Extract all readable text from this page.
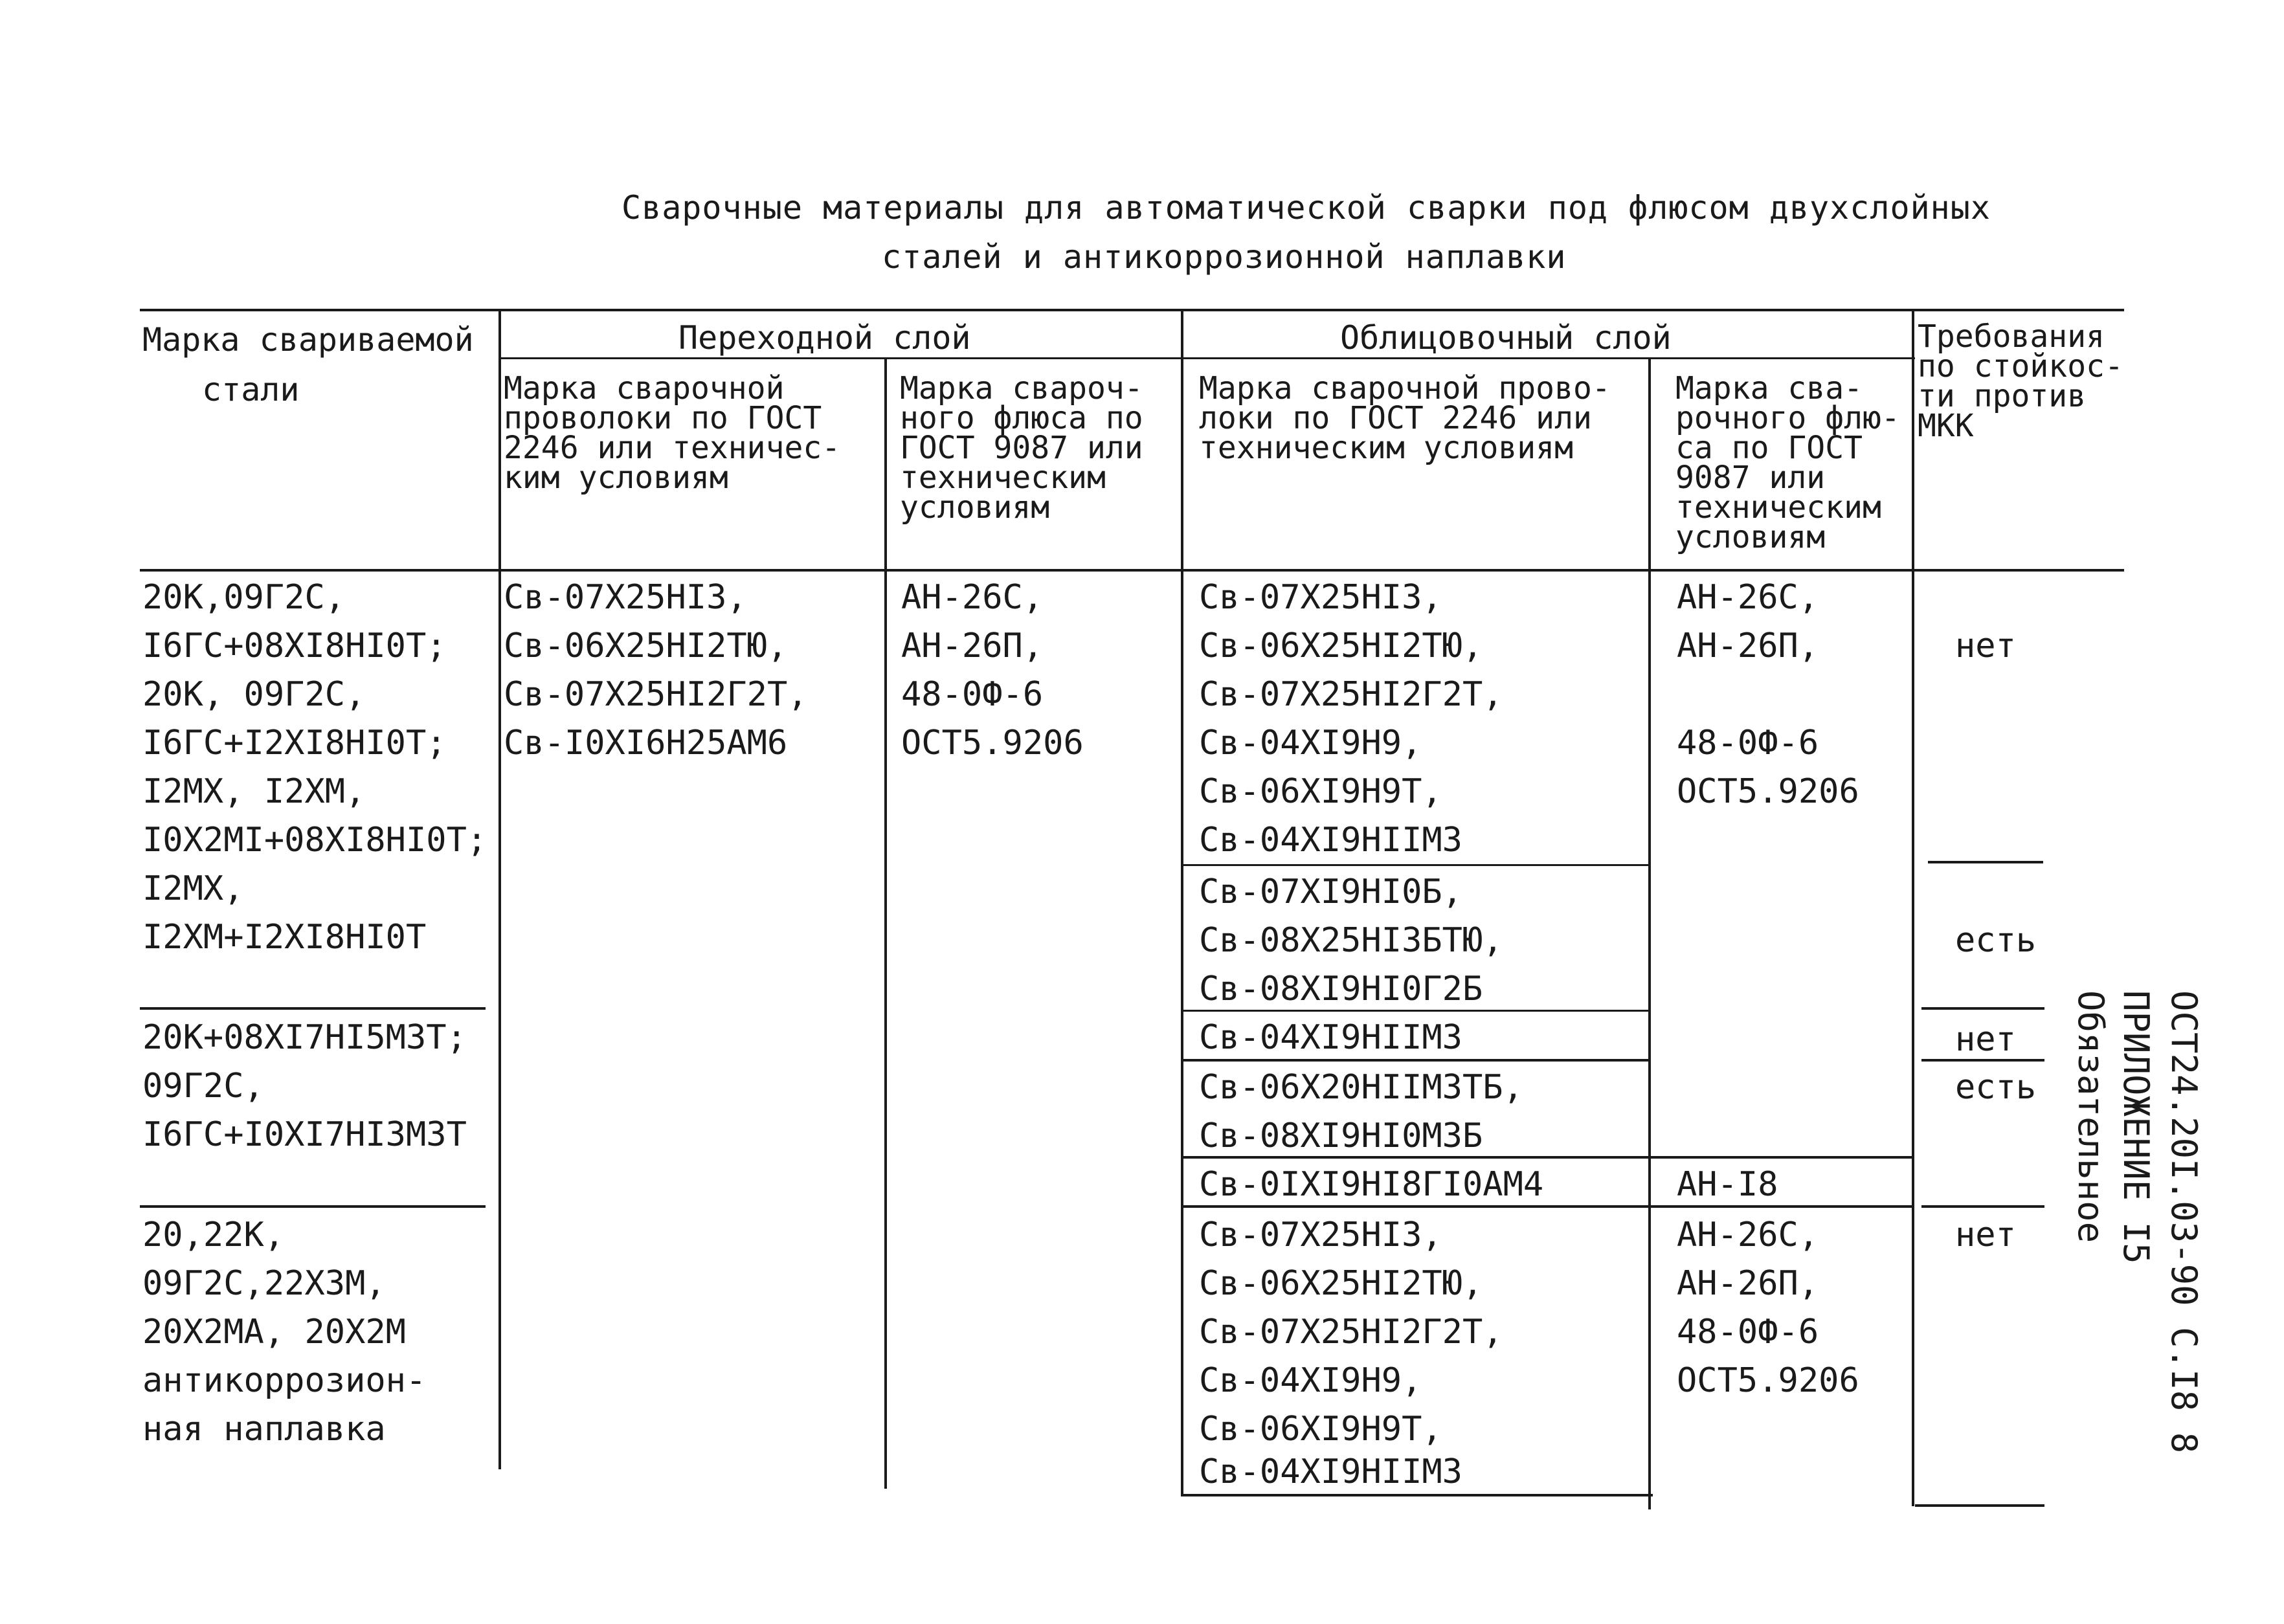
Сварочные материалы для автоматической сварки под флюсом двухслойных
сталей и антикоррозионной наплавки
Марка свариваемой
стали
Переходной слой	Облицовочный слой
Марка сварочной
проволоки по ГОСТ
2246 или техничес-
ким условиям
Марка свароч-
ного флюса по
ГОСТ 9087 или
техническим
условиям
Марка сварочной прово-
локи по ГОСТ 2246 или
техническим условиям
Марка сва-
рочного флю-
са по ГОСТ
9087 или
техническим
условиям
Требования
по стойкос-
ти против
МКК
20К,09Г2С,
I6ГС+08ХI8НI0Т;
20К, 09Г2С,
I6ГС+I2ХI8НI0Т;
I2МХ, I2ХМ,
I0Х2МI+08ХI8НI0Т;
I2МХ,
I2ХМ+I2ХI8НI0Т
20К+08ХI7НI5М3Т;
09Г2С,
I6ГС+I0ХI7НI3М3Т
20,22К,
09Г2С,22Х3М,
20Х2МА, 20Х2М
антикоррозион-
ная наплавка
Св-07Х25НI3,
Св-06Х25НI2ТЮ,
Св-07Х25НI2Г2Т,
Св-I0ХI6Н25АМ6
АН-26С,
АН-26П,
48-0Ф-6
ОСТ5.9206
Св-07Х25НI3,
Св-06Х25НI2ТЮ,
Св-07Х25НI2Г2Т,
Св-04ХI9Н9,
Св-06ХI9Н9Т,
Св-04ХI9НIIМ3
Св-07ХI9НI0Б,
Св-08Х25НI3БТЮ,
Св-08ХI9НI0Г2Б
Св-04ХI9НIIМ3
Св-06Х20НIIМ3ТБ,
Св-08ХI9НI0М3Б
Св-0IХI9НI8ГI0АМ4
Св-07Х25НI3,
Св-06Х25НI2ТЮ,
Св-07Х25НI2Г2Т,
Св-04ХI9Н9,
Св-06ХI9Н9Т,
Св-04ХI9НIIМ3
АН-26С,
АН-26П,
48-0Ф-6
ОСТ5.9206
АН-I8
АН-26С,
АН-26П,
48-0Ф-6
ОСТ5.9206
нет
есть
нет
есть
нет	ОСТ24.20I.03-90 С.I8 8
ПРИЛОЖЕНИЕ I5
Обязательное
